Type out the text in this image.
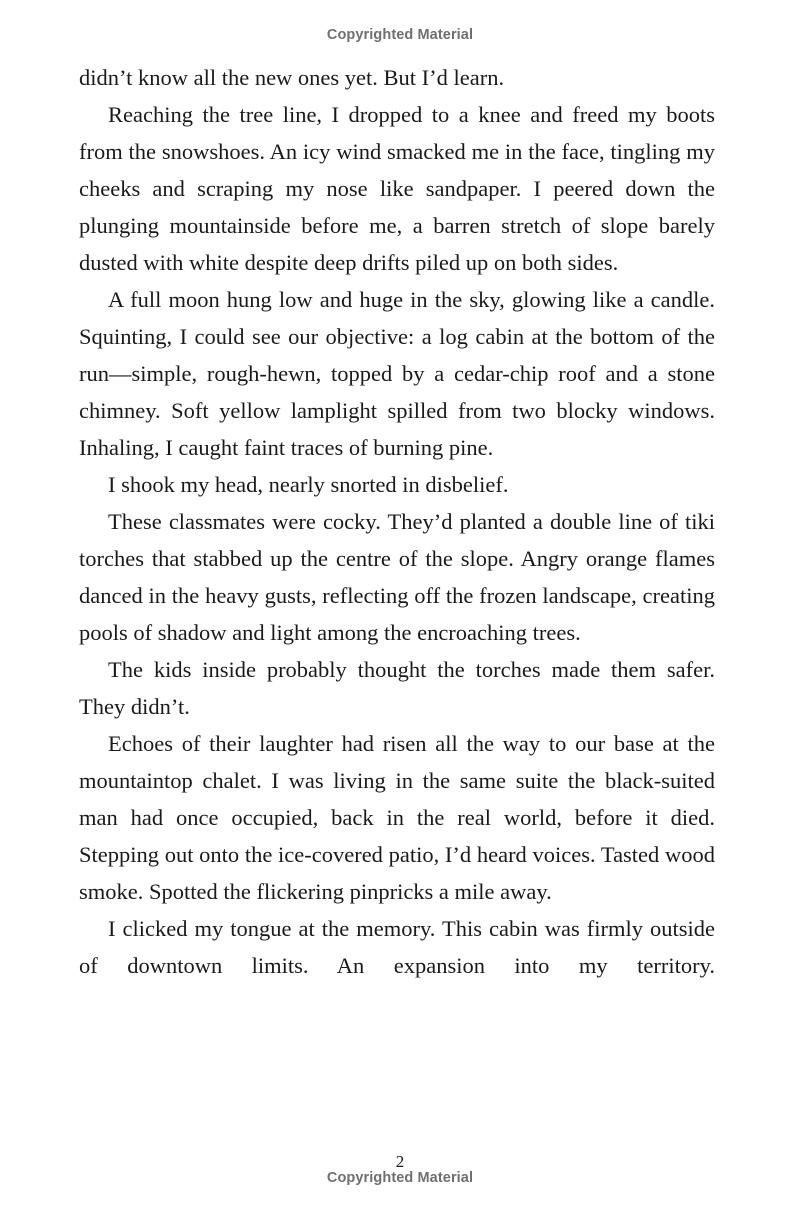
Copyrighted Material

didn’t know all the new ones yet. But I’d learn.

Reaching the tree line, I dropped to a knee and freed my boots from the snowshoes. An icy wind smacked me in the face, tingling my cheeks and scraping my nose like sandpaper. I peered down the plunging mountainside before me, a barren stretch of slope barely dusted with white despite deep drifts piled up on both sides.

A full moon hung low and huge in the sky, glowing like a candle. Squinting, I could see our objective: a log cabin at the bottom of the run—simple, rough-hewn, topped by a cedar-chip roof and a stone chimney. Soft yellow lamplight spilled from two blocky windows. Inhaling, I caught faint traces of burning pine.

I shook my head, nearly snorted in disbelief.

These classmates were cocky. They’d planted a double line of tiki torches that stabbed up the centre of the slope. Angry orange flames danced in the heavy gusts, reflecting off the frozen landscape, creating pools of shadow and light among the encroaching trees.

The kids inside probably thought the torches made them safer. They didn’t.

Echoes of their laughter had risen all the way to our base at the mountaintop chalet. I was living in the same suite the black-suited man had once occupied, back in the real world, before it died. Stepping out onto the ice-covered patio, I’d heard voices. Tasted wood smoke. Spotted the flickering pinpricks a mile away.

I clicked my tongue at the memory. This cabin was firmly outside of downtown limits. An expansion into my territory.

2
Copyrighted Material
